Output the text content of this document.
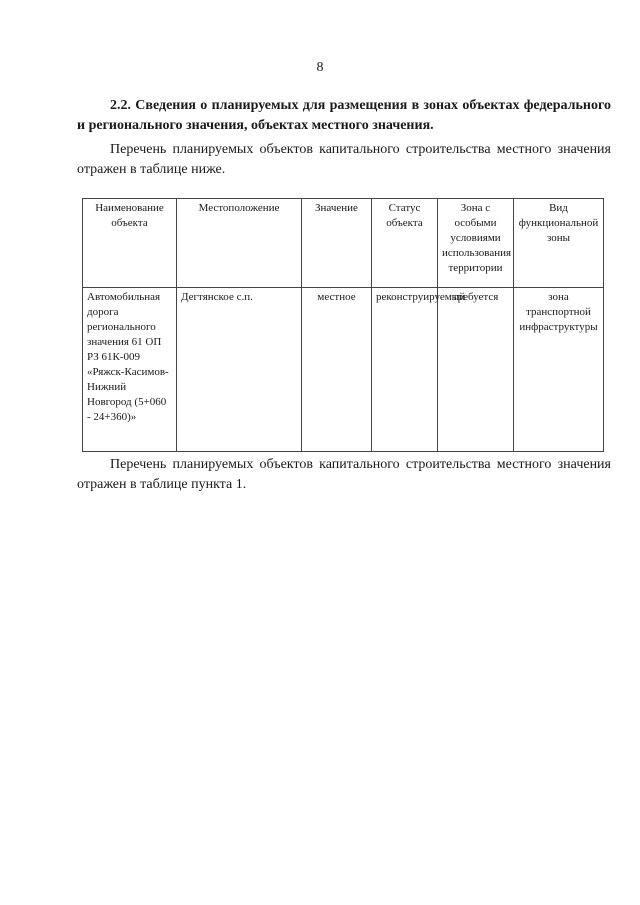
8
2.2. Сведения о планируемых для размещения в зонах объектах федерального и регионального значения, объектах местного значения.
Перечень планируемых объектов капитального строительства местного значения отражен в таблице ниже.
Наименование объекта	Местоположение	Значение	Статус объекта	Зона с особыми условиями использования территории	Вид функциональной зоны
Автомобильная дорога регионального значения 61 ОП РЗ 61К-009 «Ряжск-Касимов-Нижний Новгород (5+060 - 24+360)»	Дегтянское с.п.	местное	реконструируемый	требуется	зона транспортной инфраструктуры
Перечень планируемых объектов капитального строительства местного значения отражен в таблице пункта 1.
